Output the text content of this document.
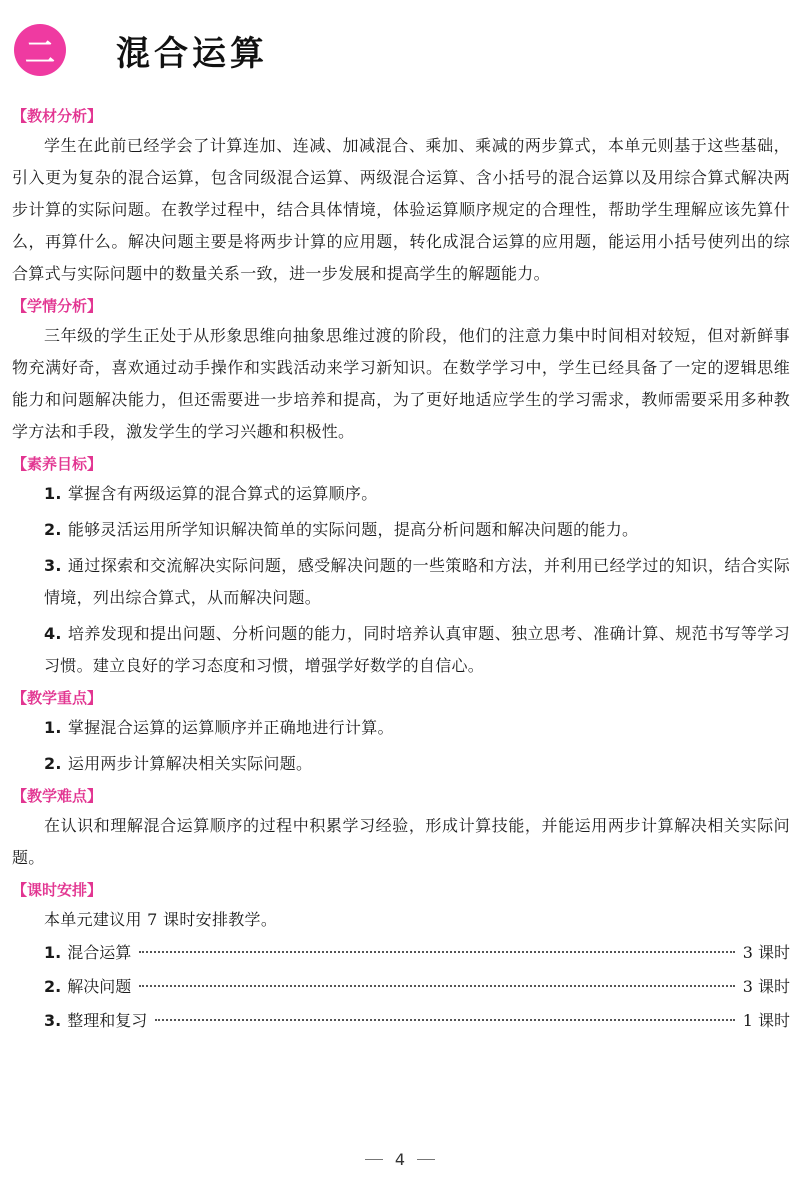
二	混合运算
【教材分析】

学生在此前已经学会了计算连加、连减、加减混合、乘加、乘减的两步算式，本单元则基于这些基础，引入更为复杂的混合运算，包含同级混合运算、两级混合运算、含小括号的混合运算以及用综合算式解决两步计算的实际问题。在教学过程中，结合具体情境，体验运算顺序规定的合理性，帮助学生理解应该先算什么，再算什么。解决问题主要是将两步计算的应用题，转化成混合运算的应用题，能运用小括号使列出的综合算式与实际问题中的数量关系一致，进一步发展和提高学生的解题能力。

【学情分析】

三年级的学生正处于从形象思维向抽象思维过渡的阶段，他们的注意力集中时间相对较短，但对新鲜事物充满好奇，喜欢通过动手操作和实践活动来学习新知识。在数学学习中，学生已经具备了一定的逻辑思维能力和问题解决能力，但还需要进一步培养和提高，为了更好地适应学生的学习需求，教师需要采用多种教学方法和手段，激发学生的学习兴趣和积极性。

【素养目标】

1. 掌握含有两级运算的混合算式的运算顺序。

2. 能够灵活运用所学知识解决简单的实际问题，提高分析问题和解决问题的能力。

3. 通过探索和交流解决实际问题，感受解决问题的一些策略和方法，并利用已经学过的知识，结合实际情境，列出综合算式，从而解决问题。

4. 培养发现和提出问题、分析问题的能力，同时培养认真审题、独立思考、准确计算、规范书写等学习习惯。建立良好的学习态度和习惯，增强学好数学的自信心。

【教学重点】

1. 掌握混合运算的运算顺序并正确地进行计算。

2. 运用两步计算解决相关实际问题。

【教学难点】

在认识和理解混合运算顺序的过程中积累学习经验，形成计算技能，并能运用两步计算解决相关实际问题。

【课时安排】

本单元建议用 7 课时安排教学。

1. 混合运算	3 课时
2. 解决问题	3 课时
3. 整理和复习	1 课时
4
